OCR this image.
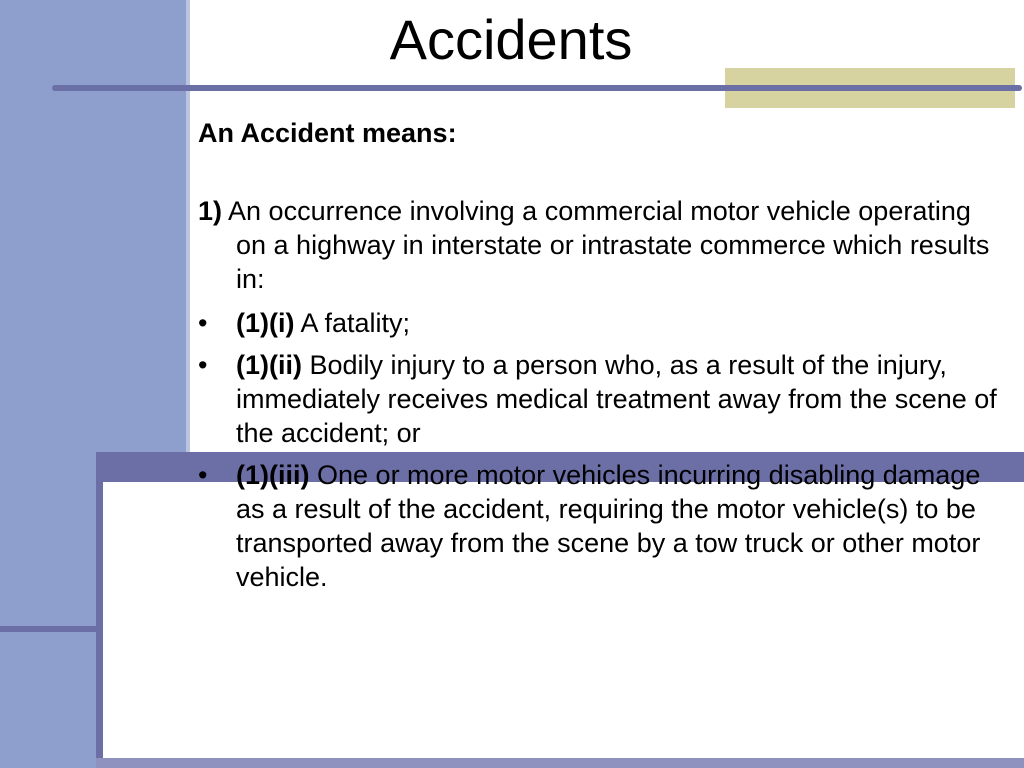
Accidents

An Accident means:

1) An occurrence involving a commercial motor vehicle operating on a highway in interstate or intrastate commerce which results in:

• (1)(i) A fatality;
• (1)(ii) Bodily injury to a person who, as a result of the injury, immediately receives medical treatment away from the scene of the accident; or
• (1)(iii) One or more motor vehicles incurring disabling damage as a result of the accident, requiring the motor vehicle(s) to be transported away from the scene by a tow truck or other motor vehicle.
